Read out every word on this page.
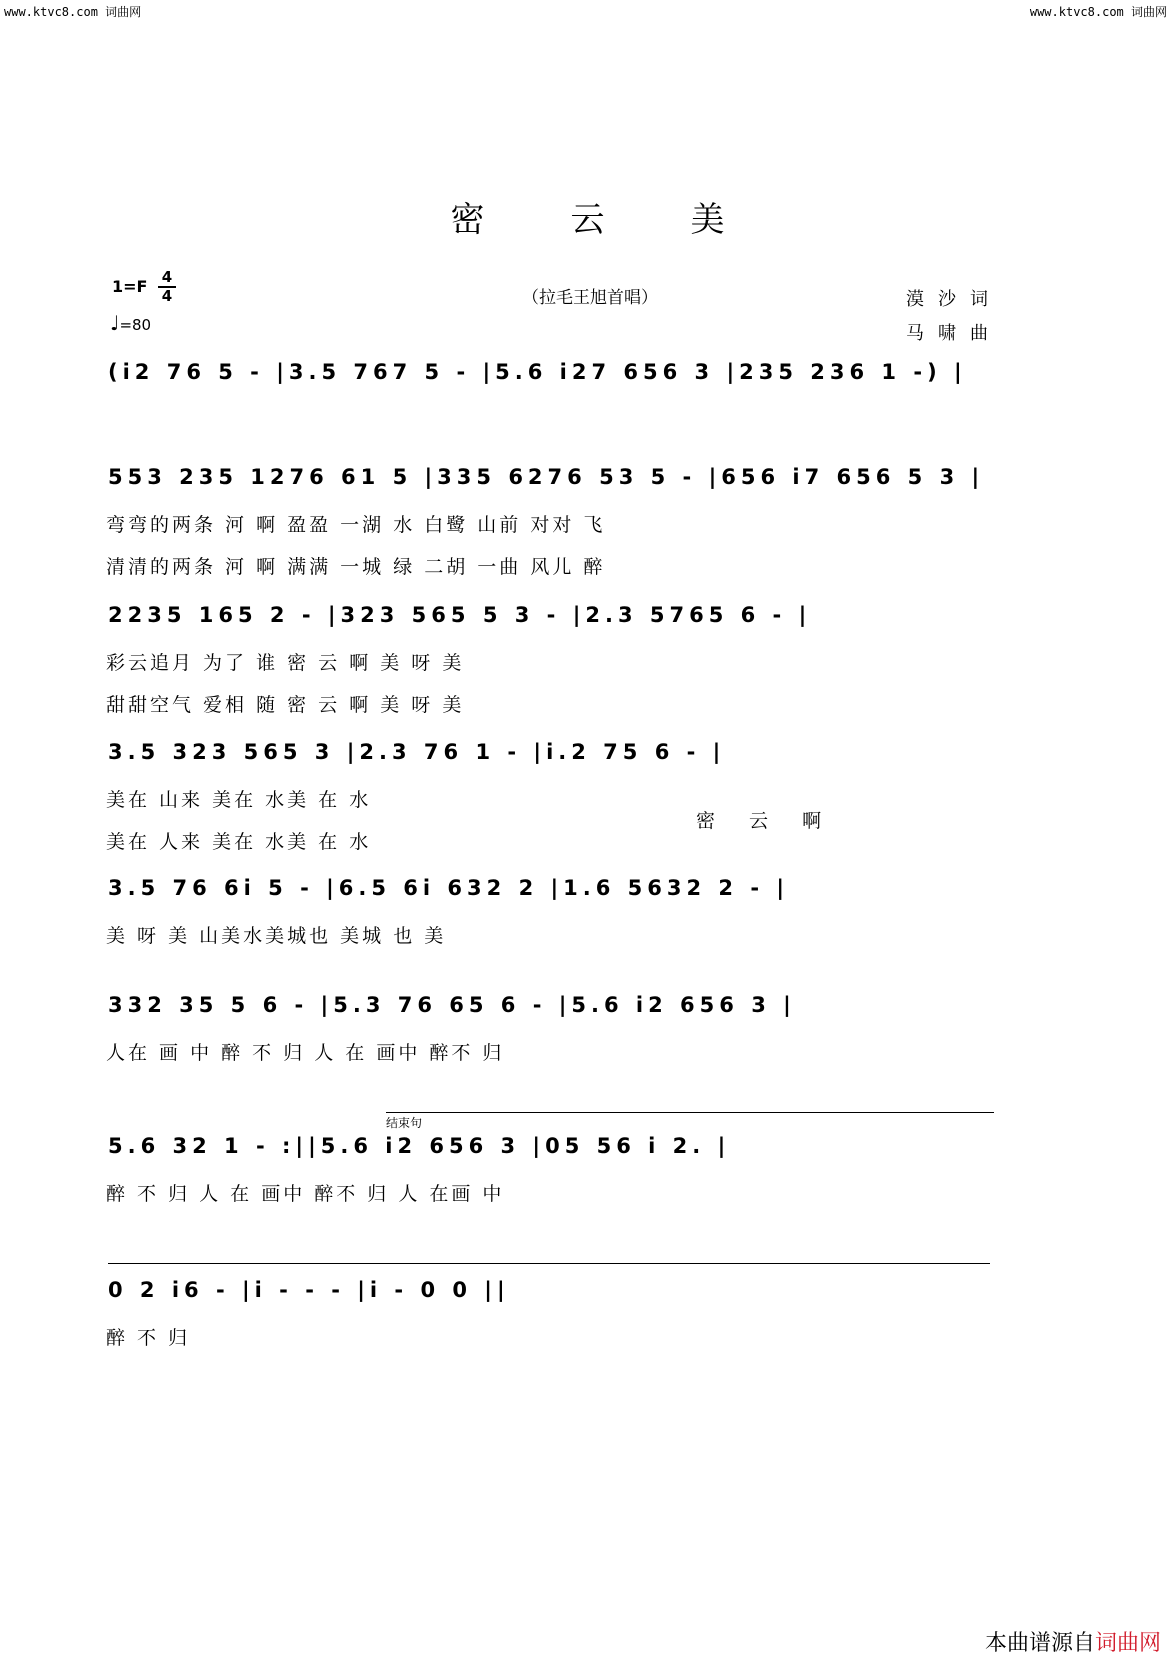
www.ktvc8.com 词曲网	www.ktvc8.com 词曲网
密云美
（拉毛王旭首唱）	漠沙词
马啸曲
1=F 4
4
♩=80
(i2 76 5 - |3.5 767 5 - |5.6 i27 656 3 |235 236 1 -) |
553 235 1276 61 5 |335 6276 53 5 - |656 i7 656 5 3 |
弯弯的两条 河 啊 盈盈 一湖 水 白鹭 山前 对对 飞
清清的两条 河 啊 满满 一城 绿 二胡 一曲 风儿 醉
2235 165 2 - |323 565 5 3 - |2.3 5765 6 - |
彩云追月 为了 谁 密 云 啊 美 呀 美
甜甜空气 爱相 随 密 云 啊 美 呀 美
3.5 323 565 3 |2.3 76 1 - |i.2 75 6 - |
美在 山来 美在 水美 在 水
美在 人来 美在 水美 在 水
密 云 啊
3.5 76 6i 5 - |6.5 6i 632 2 |1.6 5632 2 - |
美 呀 美 山美水美城也 美城 也 美
332 35 5 6 - |5.3 76 65 6 - |5.6 i2 656 3 |
人在 画 中 醉 不 归 人 在 画中 醉不 归
5.6 32 1 - :||5.6 i2 656 3 |05 56 i 2. |
醉 不 归 人 在 画中 醉不 归 人 在画 中
结束句
0 2 i6 - |i - - - |i - 0 0 ||
醉 不 归
本曲谱源自词曲网
